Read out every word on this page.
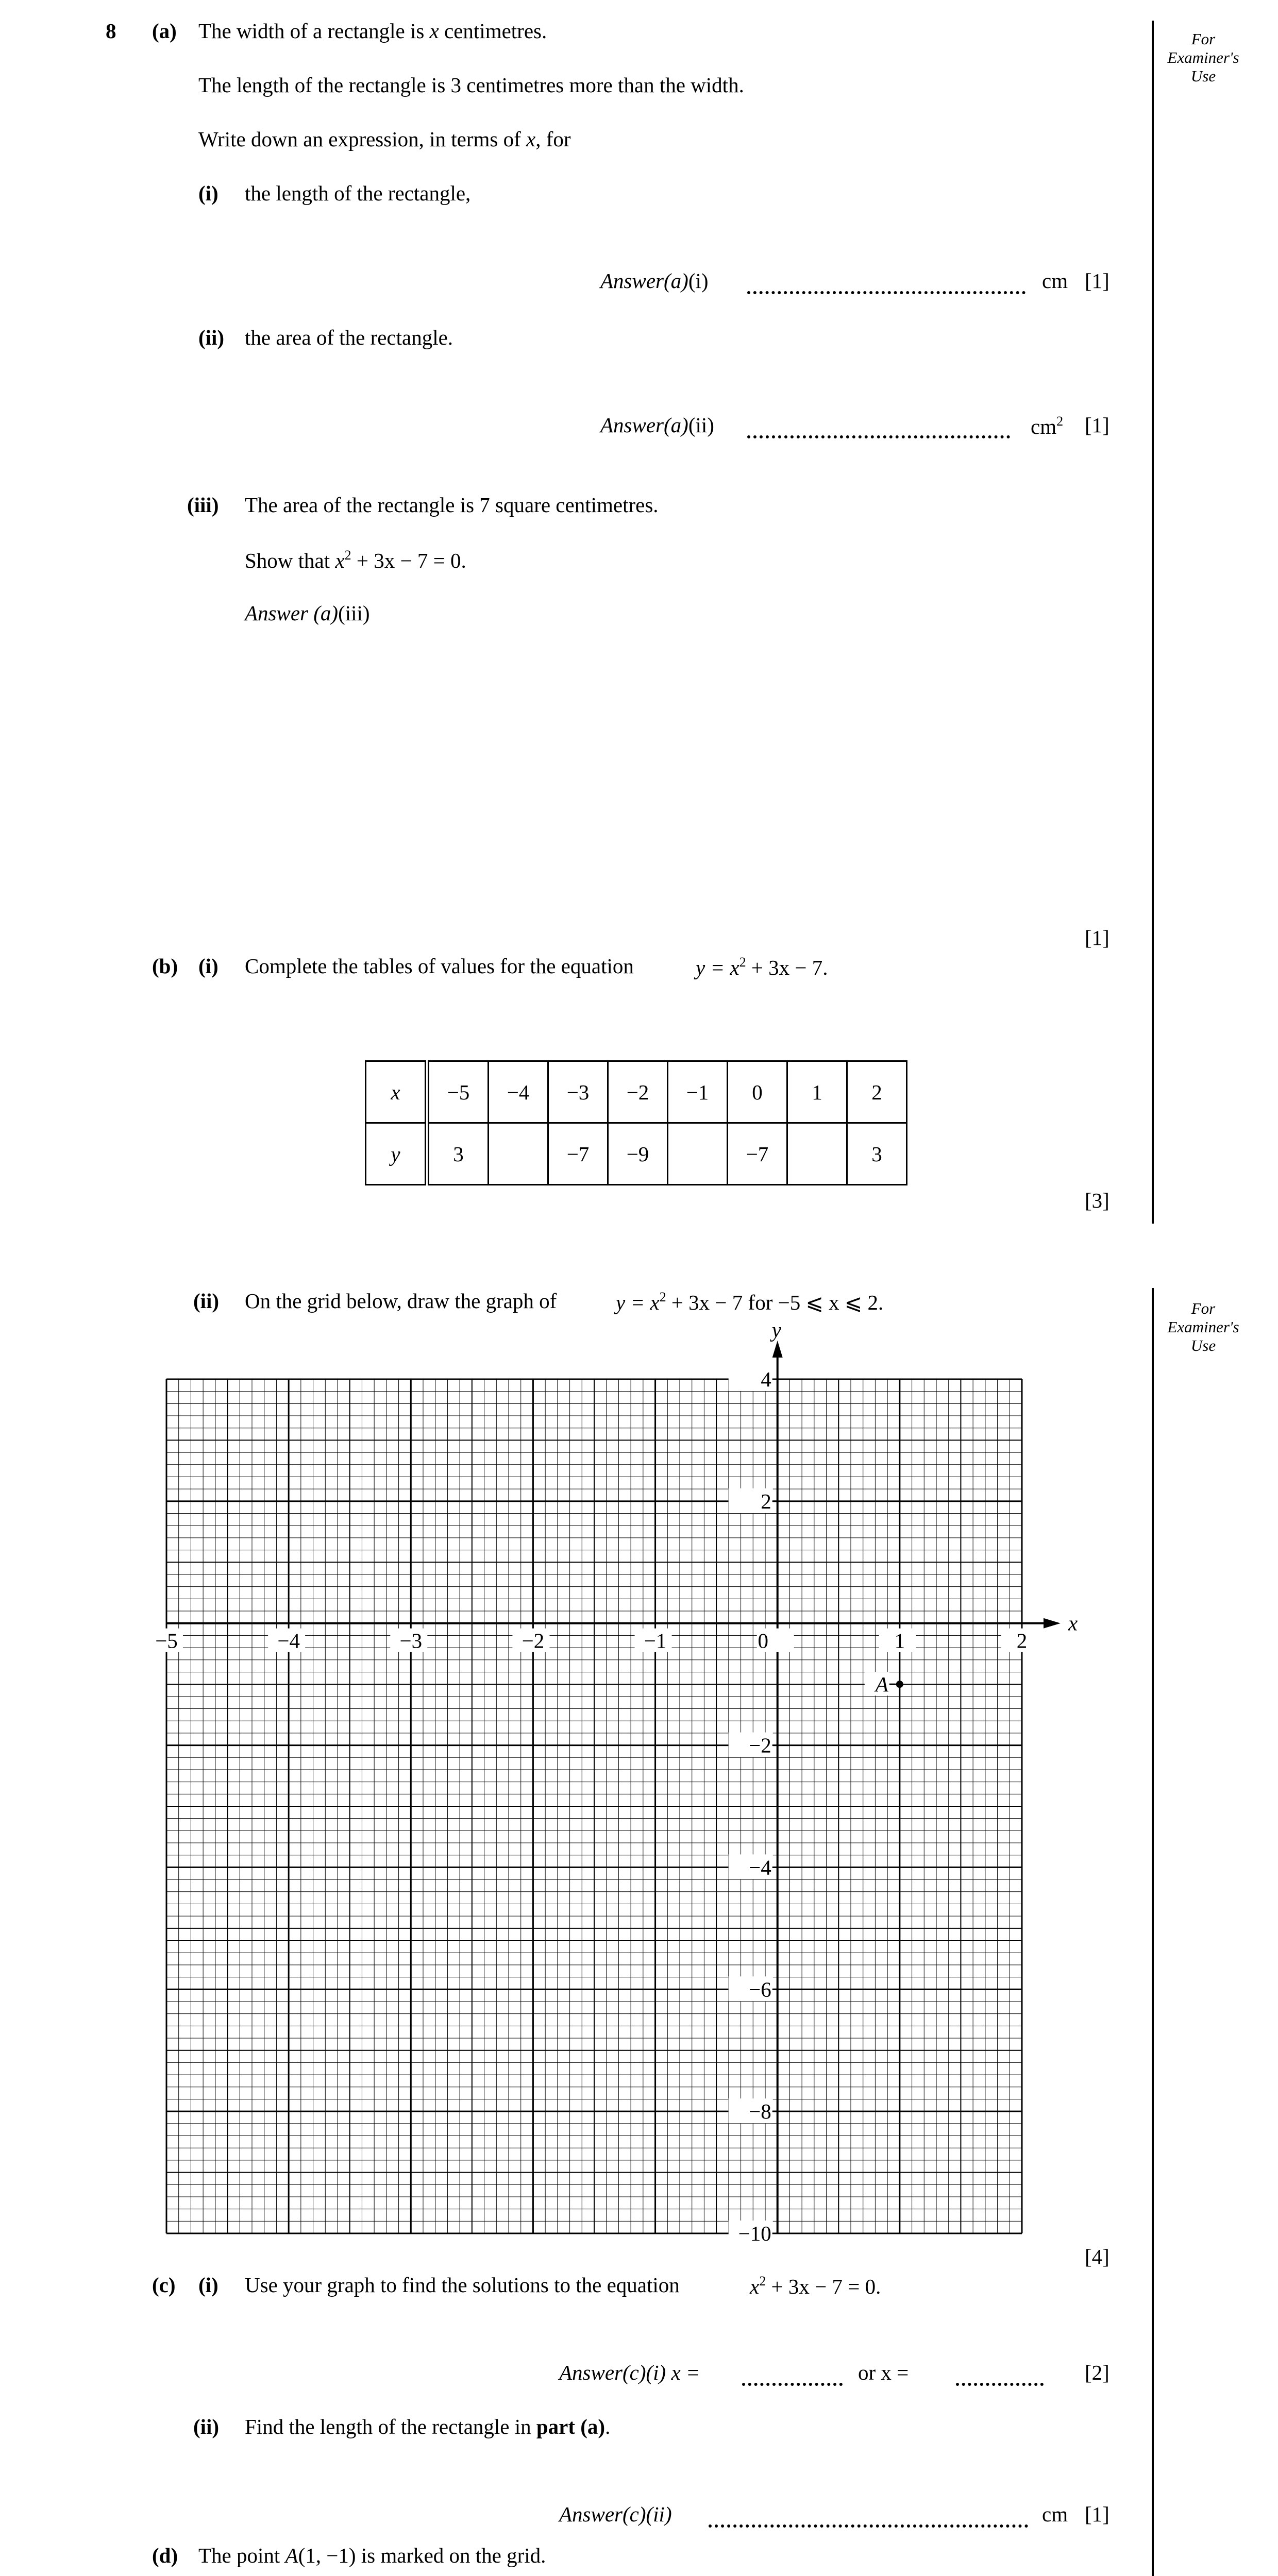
For
Examiner's
Use
For
Examiner's
Use
8 (a) The width of a rectangle is x centimetres.
The length of the rectangle is 3 centimetres more than the width.
Write down an expression, in terms of x, for
(i) the length of the rectangle,
Answer(a)(i)	cm [1]
(ii) the area of the rectangle.
Answer(a)(ii)	$cm^2$ [1]
(iii) The area of the rectangle is 7 square centimetres.
Show that $x^2 + 3x - 7 = 0$.
Answer (a)(iii)
[1]
(b) (i) Complete the tables of values for the equation	$y = x^2 + 3x - 7$.
x	−5	−4	−3	−2	−1	0	1	2
y	3		−7	−9		−7		3
[3]
(ii) On the grid below, draw the graph of	$y = x^2 + 3x - 7$ for −5 ⩽ x ⩽ 2.
x
y
−5	−4	−3	−2	−1	0	1	2
4
2
−2
−4
−6
−8
−10
A
[4]
(c) (i) Use your graph to find the solutions to the equation	$x^2 + 3x - 7 = 0$.
Answer(c)(i) x =	or x =	[2]
(ii) Find the length of the rectangle in part (a).
Answer(c)(ii)	cm [1]
(d) The point A(1, −1) is marked on the grid.
